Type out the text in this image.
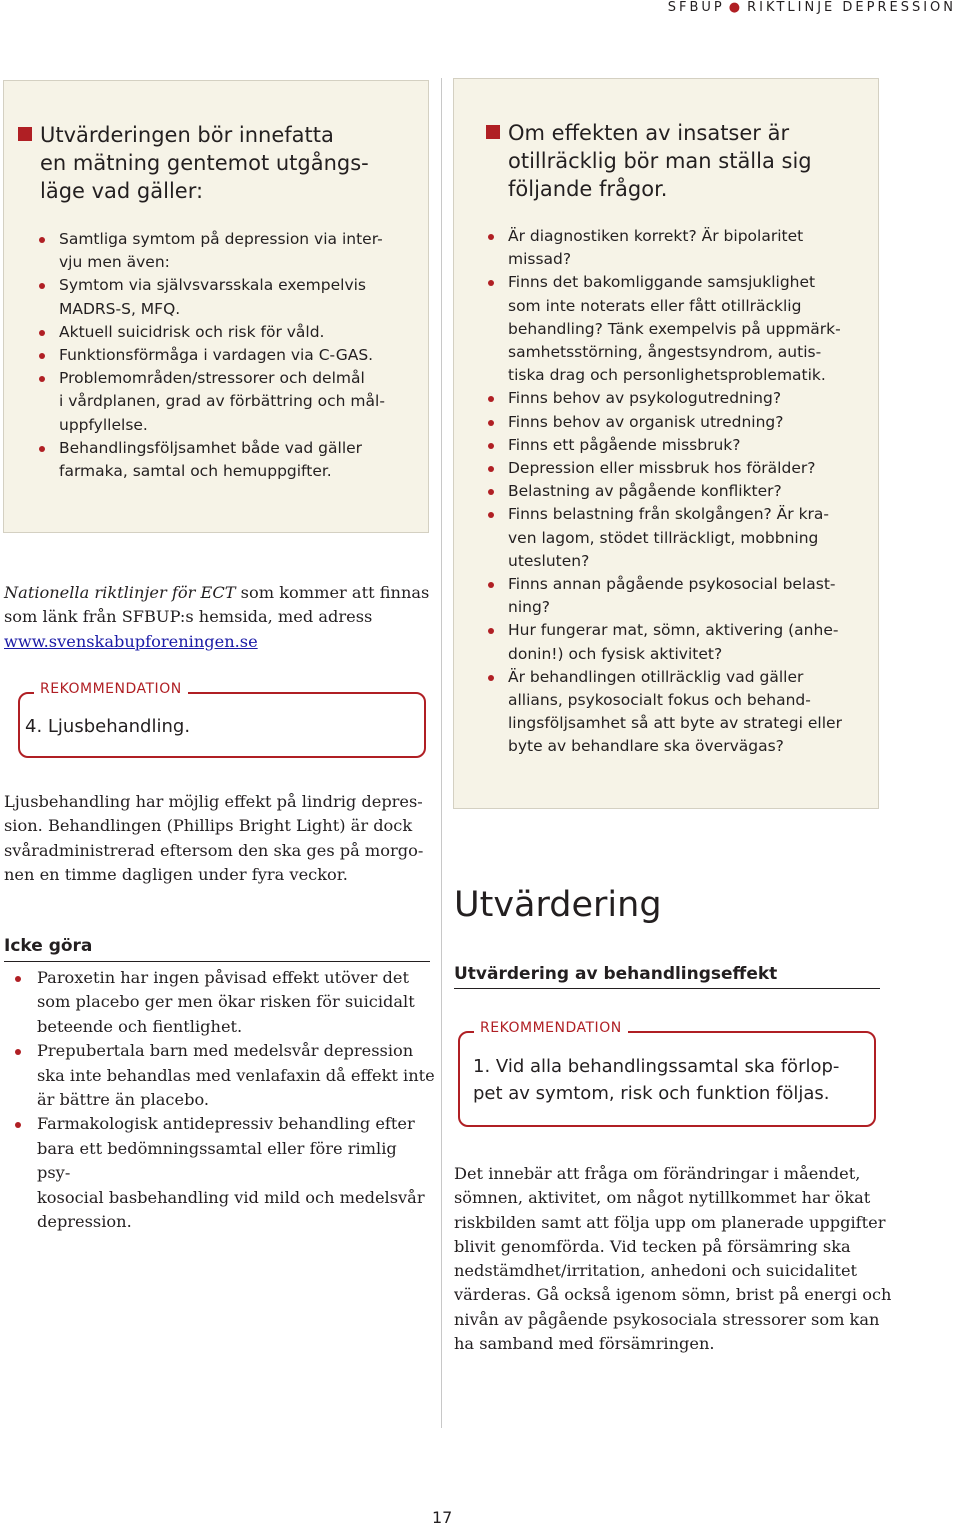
SFBUP ● RIKTLINJE DEPRESSION
Utvärderingen bör innefatta
en mätning gentemot utgångs-
läge vad gäller:
Samtliga symtom på depression via inter-
vju men även:
Symtom via självsvarsskala exempelvis
MADRS-S, MFQ.
Aktuell suicidrisk och risk för våld.
Funktionsförmåga i vardagen via C-GAS.
Problemområden/stressorer och delmål
i vårdplanen, grad av förbättring och mål-
uppfyllelse.
Behandlingsföljsamhet både vad gäller
farmaka, samtal och hemuppgifter.
Nationella riktlinjer för ECT som kommer att finnas
som länk från SFBUP:s hemsida, med adress
www.svenskabupforeningen.se
REKOMMENDATION
4. Ljusbehandling.
Ljusbehandling har möjlig effekt på lindrig depres-
sion. Behandlingen (Phillips Bright Light) är dock
svåradministrerad eftersom den ska ges på morgo-
nen en timme dagligen under fyra veckor.
Icke göra
Paroxetin har ingen påvisad effekt utöver det
som placebo ger men ökar risken för suicidalt
beteende och fientlighet.
Prepubertala barn med medelsvår depression
ska inte behandlas med venlafaxin då effekt inte
är bättre än placebo.
Farmakologisk antidepressiv behandling efter
bara ett bedömningssamtal eller före rimlig psy-
kosocial basbehandling vid mild och medelsvår
depression.
Om effekten av insatser är
otillräcklig bör man ställa sig
följande frågor.
Är diagnostiken korrekt? Är bipolaritet
missad?
Finns det bakomliggande samsjuklighet
som inte noterats eller fått otillräcklig
behandling? Tänk exempelvis på uppmärk-
samhetsstörning, ångestsyndrom, autis-
tiska drag och personlighetsproblematik.
Finns behov av psykologutredning?
Finns behov av organisk utredning?
Finns ett pågående missbruk?
Depression eller missbruk hos förälder?
Belastning av pågående konflikter?
Finns belastning från skolgången? Är kra-
ven lagom, stödet tillräckligt, mobbning
utesluten?
Finns annan pågående psykosocial belast-
ning?
Hur fungerar mat, sömn, aktivering (anhe-
donin!) och fysisk aktivitet?
Är behandlingen otillräcklig vad gäller
allians, psykosocialt fokus och behand-
lingsföljsamhet så att byte av strategi eller
byte av behandlare ska övervägas?
Utvärdering
Utvärdering av behandlingseffekt
REKOMMENDATION
1. Vid alla behandlingssamtal ska förlop-
pet av symtom, risk och funktion följas.
Det innebär att fråga om förändringar i måendet,
sömnen, aktivitet, om något nytillkommet har ökat
riskbilden samt att följa upp om planerade uppgifter
blivit genomförda. Vid tecken på försämring ska
nedstämdhet/irritation, anhedoni och suicidalitet
värderas. Gå också igenom sömn, brist på energi och
nivån av pågående psykosociala stressorer som kan
ha samband med försämringen.
17
